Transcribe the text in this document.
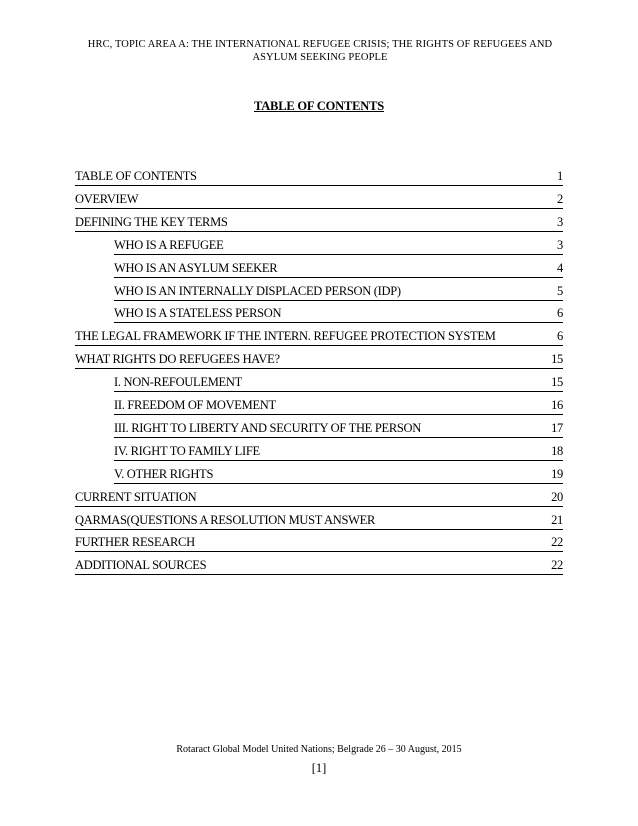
HRC, TOPIC AREA A: THE INTERNATIONAL REFUGEE CRISIS; THE RIGHTS OF REFUGEES AND
ASYLUM SEEKING PEOPLE
TABLE OF CONTENTS
TABLE OF CONTENTS	1
OVERVIEW	2
DEFINING THE KEY TERMS	3
WHO IS A REFUGEE	3
WHO IS AN ASYLUM SEEKER	4
WHO IS AN INTERNALLY DISPLACED PERSON (IDP)	5
WHO IS A STATELESS PERSON	6
THE LEGAL FRAMEWORK IF THE INTERN. REFUGEE PROTECTION SYSTEM	6
WHAT RIGHTS DO REFUGEES HAVE?	15
I. NON-REFOULEMENT	15
II. FREEDOM OF MOVEMENT	16
III. RIGHT TO LIBERTY AND SECURITY OF THE PERSON	17
IV. RIGHT TO FAMILY LIFE	18
V. OTHER RIGHTS	19
CURRENT SITUATION	20
QARMAS(QUESTIONS A RESOLUTION MUST ANSWER	21
FURTHER RESEARCH	22
ADDITIONAL SOURCES	22
Rotaract Global Model United Nations; Belgrade 26 – 30 August, 2015
[1]
